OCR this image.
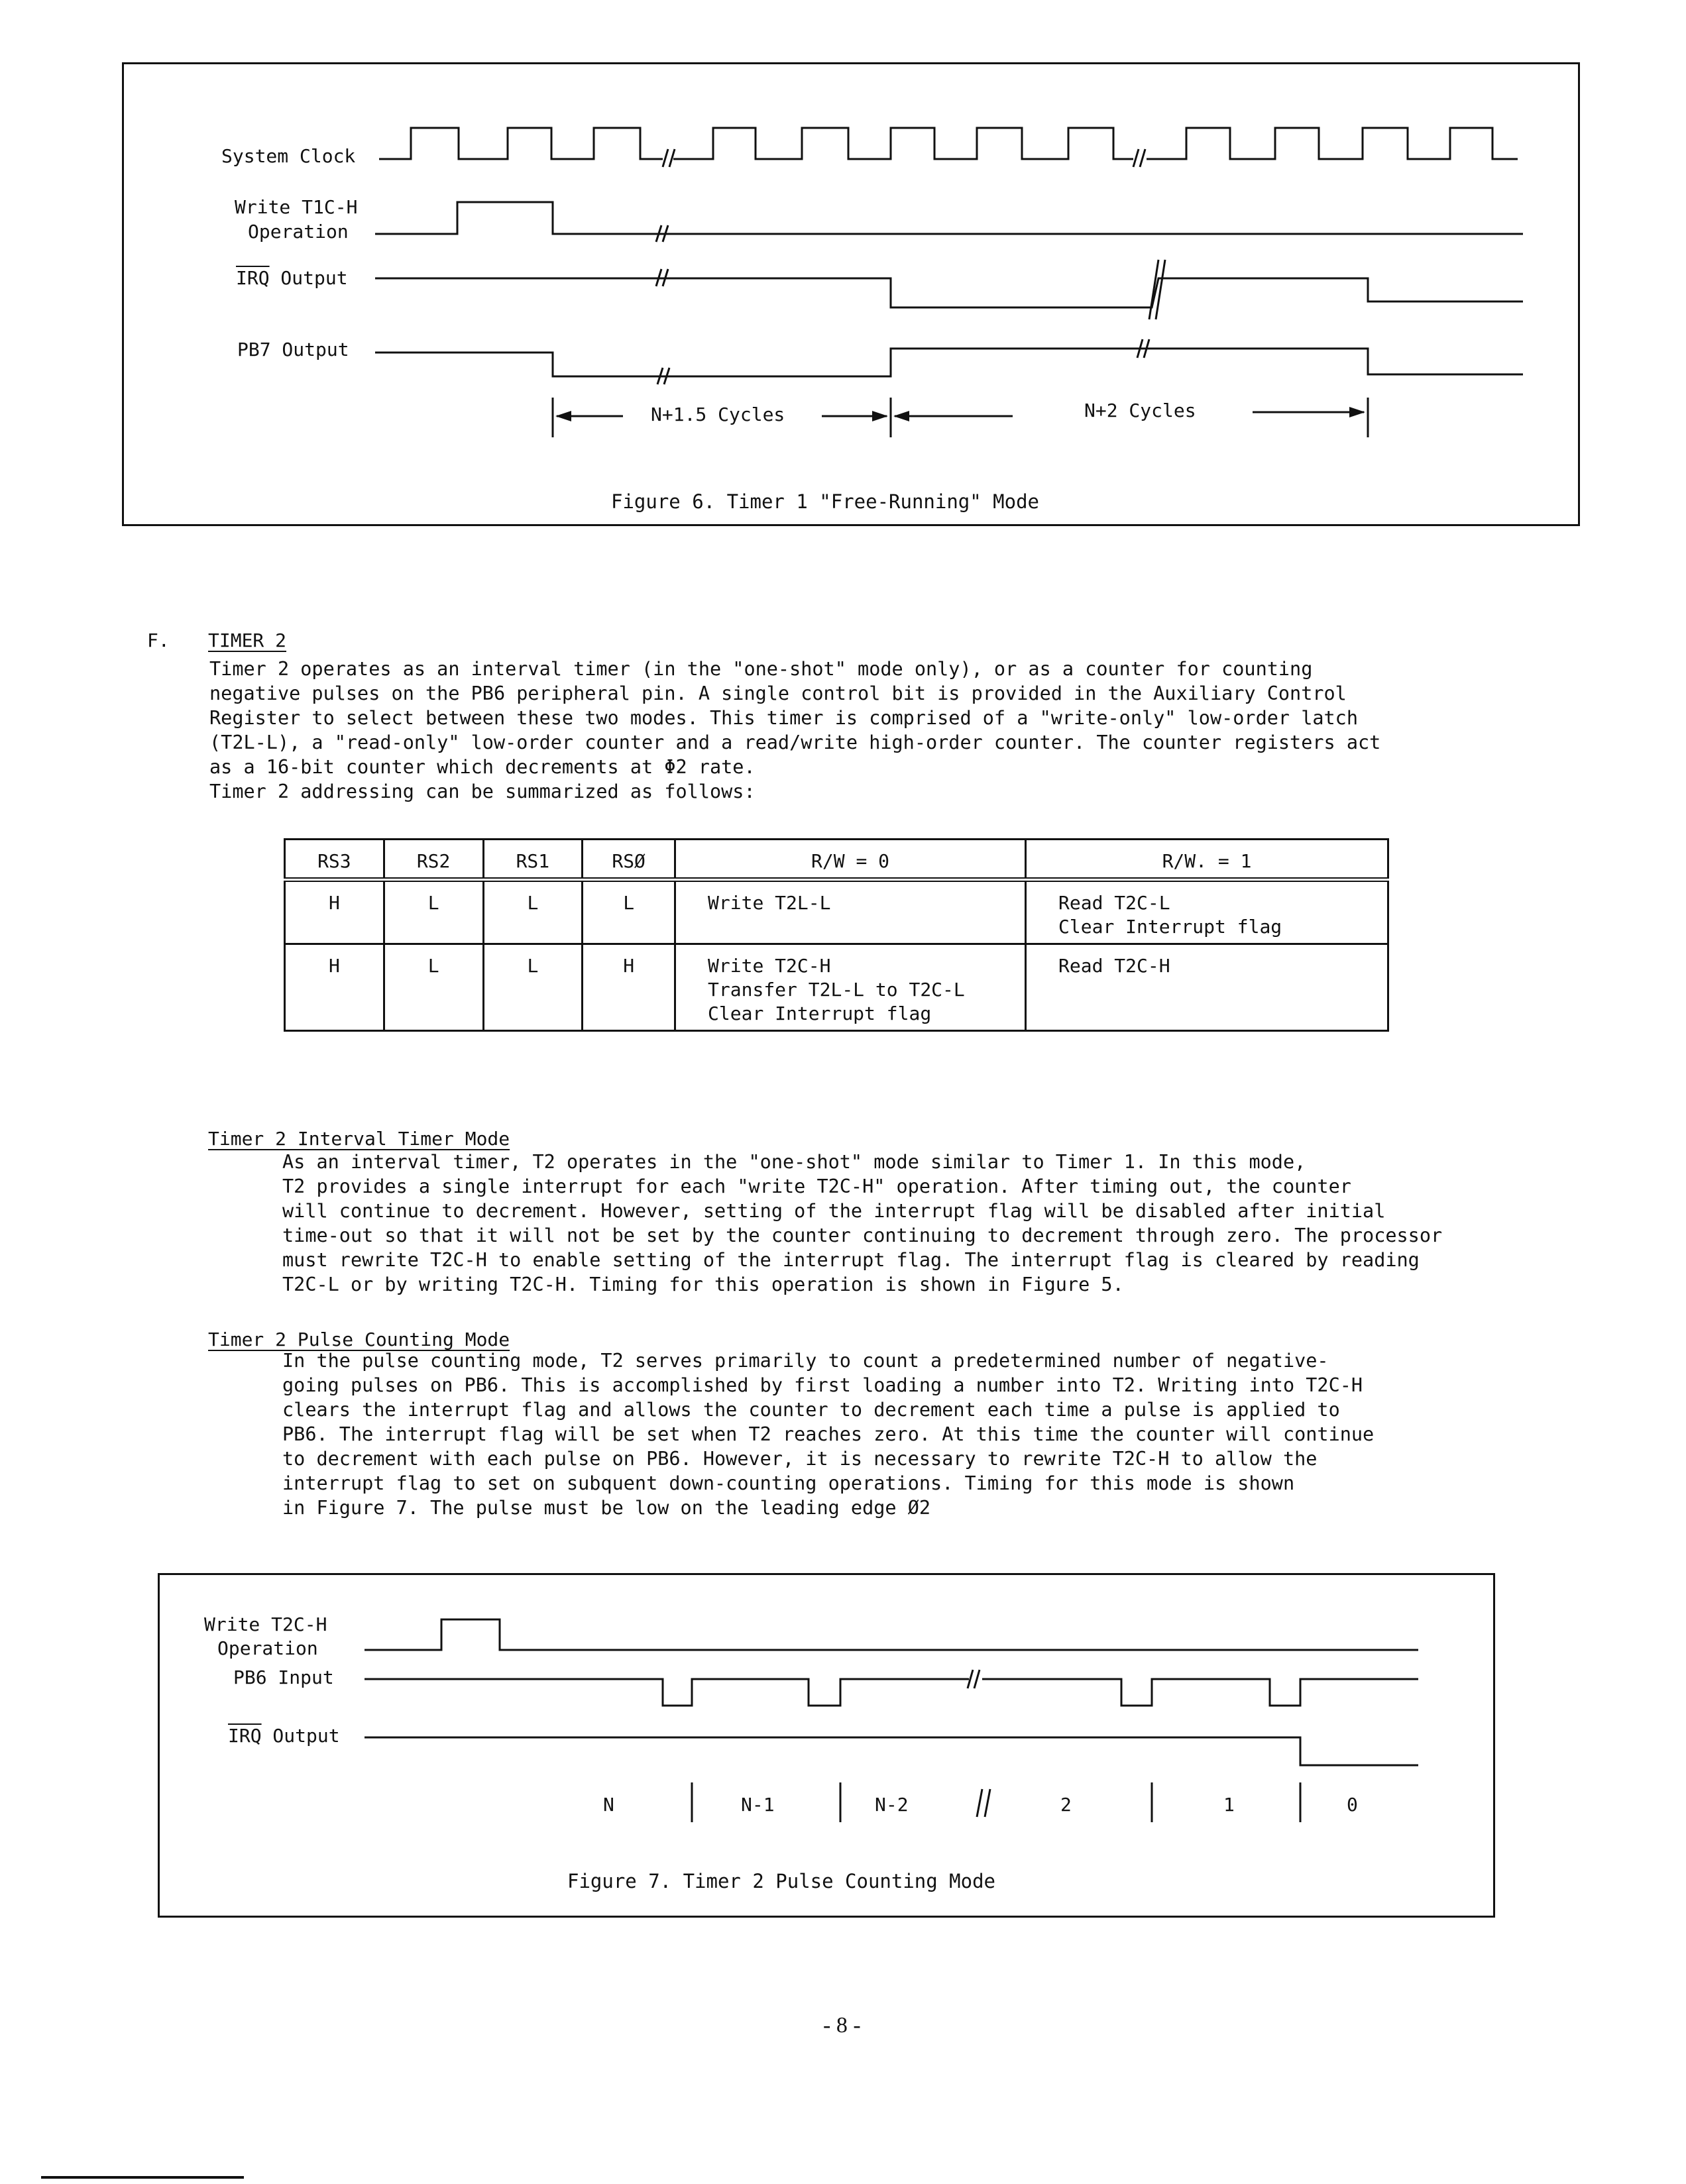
System Clock
Write T1C-H
Operation
$\overline{IRQ}$ Output
PB7 Output
N+1.5 Cycles	N+2 Cycles
Figure 6. Timer 1 "Free-Running" Mode
F. TIMER 2

Timer 2 operates as an interval timer (in the "one-shot" mode only), or as a counter for counting

negative pulses on the PB6 peripheral pin. A single control bit is provided in the Auxiliary Control

Register to select between these two modes. This timer is comprised of a "write-only" low-order latch

(T2L-L), a "read-only" low-order counter and a read/write high-order counter. The counter registers act

as a 16-bit counter which decrements at Φ2 rate.

Timer 2 addressing can be summarized as follows:

RS3	RS2	RS1	RSØ	R/W = 0	R/W. = 1
H	L	L	L	Write T2L-L	Read T2C-L
Clear Interrupt flag

H	L	L	H	Write T2C-H
Transfer T2L-L to T2C-L
Clear Interrupt flag	Read T2C-H
Timer 2 Interval Timer Mode

As an interval timer, T2 operates in the "one-shot" mode similar to Timer 1. In this mode,

T2 provides a single interrupt for each "write T2C-H" operation. After timing out, the counter

will continue to decrement. However, setting of the interrupt flag will be disabled after initial

time-out so that it will not be set by the counter continuing to decrement through zero. The processor

must rewrite T2C-H to enable setting of the interrupt flag. The interrupt flag is cleared by reading

T2C-L or by writing T2C-H. Timing for this operation is shown in Figure 5.

Timer 2 Pulse Counting Mode

In the pulse counting mode, T2 serves primarily to count a predetermined number of negative-

going pulses on PB6. This is accomplished by first loading a number into T2. Writing into T2C-H

clears the interrupt flag and allows the counter to decrement each time a pulse is applied to

PB6. The interrupt flag will be set when T2 reaches zero. At this time the counter will continue

to decrement with each pulse on PB6. However, it is necessary to rewrite T2C-H to allow the

interrupt flag to set on subquent down-counting operations. Timing for this mode is shown

in Figure 7. The pulse must be low on the leading edge Ø2

Write T2C-H
Operation
PB6 Input
$\overline{IRQ}$ Output
N	N-1	N-2	2	1	0
Figure 7. Timer 2 Pulse Counting Mode
- 8 -
